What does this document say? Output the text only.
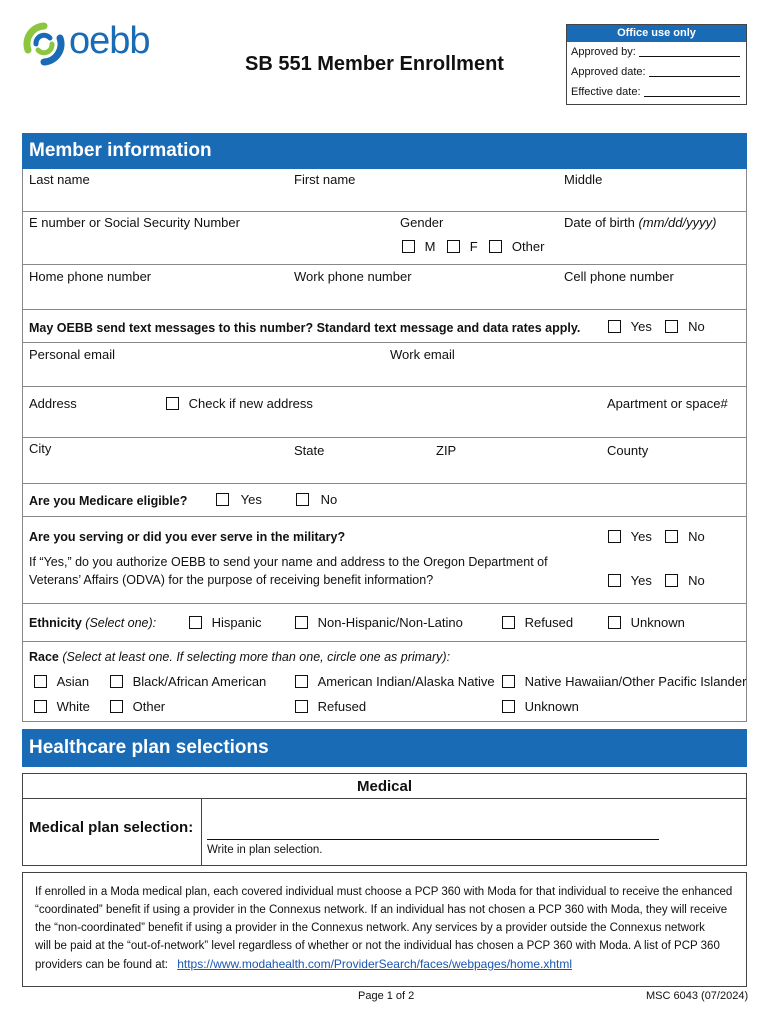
oebb
SB 551 Member Enrollment
Office use only
Approved by:
Approved date:
Effective date:
Member information
Last name	First name	Middle
E number or Social Security Number	Gender	Date of birth (mm/dd/yyyy)
M	F	Other
Home phone number	Work phone number	Cell phone number
May OEBB send text messages to this number? Standard text message and data rates apply.	Yes	No
Personal email	Work email
Address	Check if new address	Apartment or space#
City	State	ZIP	County
Are you Medicare eligible?	Yes	No
Are you serving or did you ever serve in the military?	Yes	No
If “Yes,” do you authorize OEBB to send your name and address to the Oregon Department of
Veterans’ Affairs (ODVA) for the purpose of receiving benefit information?	Yes	No
Ethnicity (Select one):	Hispanic	Non-Hispanic/Non-Latino	Refused	Unknown
Race (Select at least one. If selecting more than one, circle one as primary):
Asian	Black/African American	American Indian/Alaska Native	Native Hawaiian/Other Pacific Islander
White	Other	Refused	Unknown
Healthcare plan selections
Medical
Medical plan selection:
Write in plan selection.
If enrolled in a Moda medical plan, each covered individual must choose a PCP 360 with Moda for that individual to receive the enhanced
“coordinated” benefit if using a provider in the Connexus network. If an individual has not chosen a PCP 360 with Moda, they will receive
the “non-coordinated” benefit if using a provider in the Connexus network. Any services by a provider outside the Connexus network
will be paid at the “out-of-network” level regardless of whether or not the individual has chosen a PCP 360 with Moda. A list of PCP 360
providers can be found at: https://www.modahealth.com/ProviderSearch/faces/webpages/home.xhtml
Page 1 of 2	MSC 6043 (07/2024)
